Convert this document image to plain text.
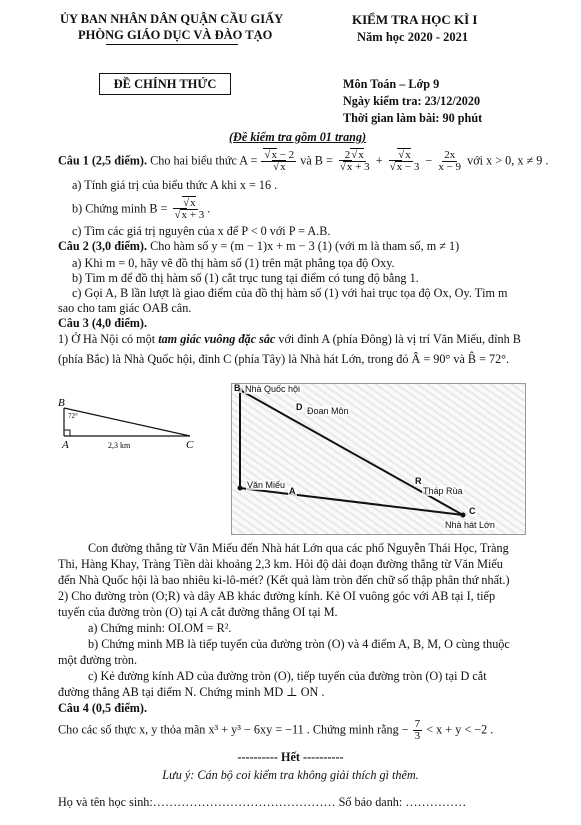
ỦY BAN NHÂN DÂN QUẬN CẦU GIẤY
PHÒNG GIÁO DỤC VÀ ĐÀO TẠO
KIỂM TRA HỌC KÌ I
Năm học 2020 - 2021
ĐỀ CHÍNH THỨC	Môn Toán – Lớp 9
Ngày kiểm tra: 23/12/2020
Thời gian làm bài: 90 phút
(Đề kiểm tra gồm 01 trang)
Câu 1 (2,5 điểm). Cho hai biểu thức A = √ x − 2
√ x và B = 2 √ x
√ x + 3 + √ x
√ $x - 3 - \frac{2x}{x - 9}$ với x > 0, x ≠ 9 .
a) Tính giá trị của biểu thức A khi x = 16 .
b) Chứng minh B = √ x
√ x + 3 .
c) Tìm các giá trị nguyên của x để P < 0 với P = A.B.
Câu 2 (3,0 điểm). Cho hàm số y = (m − 1)x + m − 3 (1) (với m là tham số, m ≠ 1)
a) Khi m = 0, hãy vẽ đồ thị hàm số (1) trên mặt phẳng tọa độ Oxy.
b) Tìm m để đồ thị hàm số (1) cắt trục tung tại điểm có tung độ bằng 1.
c) Gọi A, B lần lượt là giao điểm của đồ thị hàm số (1) với hai trục tọa độ Ox, Oy. Tìm m
sao cho tam giác OAB cân.
Câu 3 (4,0 điểm).
1) Ở Hà Nội có một tam giác vuông đặc sắc với đỉnh A (phía Đông) là vị trí Văn Miếu, đỉnh B
(phía Bắc) là Nhà Quốc hội, đỉnh C (phía Tây) là Nhà hát Lớn, trong đó Â = 90° và B̂ = 72°.
B
A	C
72°
2,3 km
B Nhà Quốc hội
D Đoan Môn
R
Tháp Rùa
Văn Miếu
A
C
Nhà hát Lớn
Con đường thẳng từ Văn Miếu đến Nhà hát Lớn qua các phố Nguyễn Thái Học, Tràng
Thi, Hàng Khay, Tràng Tiền dài khoảng 2,3 km. Hỏi độ dài đoạn đường thẳng từ Văn Miếu
đến Nhà Quốc hội là bao nhiêu ki-lô-mét? (Kết quả làm tròn đến chữ số thập phân thứ nhất.)
2) Cho đường tròn (O;R) và dây AB khác đường kính. Kẻ OI vuông góc với AB tại I, tiếp
tuyến của đường tròn (O) tại A cắt đường thẳng OI tại M.
a) Chứng minh: OI.OM = R².
b) Chứng minh MB là tiếp tuyến của đường tròn (O) và 4 điểm A, B, M, O cùng thuộc
một đường tròn.
c) Kẻ đường kính AD của đường tròn (O), tiếp tuyến của đường tròn (O) tại D cắt
đường thẳng AB tại điểm N. Chứng minh MD ⊥ ON .
Câu 4 (0,5 điểm).
Cho các số thực x, y thỏa mãn x³ + y³ − 6xy = −11 . Chứng minh rằng − $\frac{7}{3} < x + y < -2$ .
---------- Hết ----------
Lưu ý: Cán bộ coi kiểm tra không giải thích gì thêm.
Họ và tên học sinh:……………………………………… Số báo danh: ……………
